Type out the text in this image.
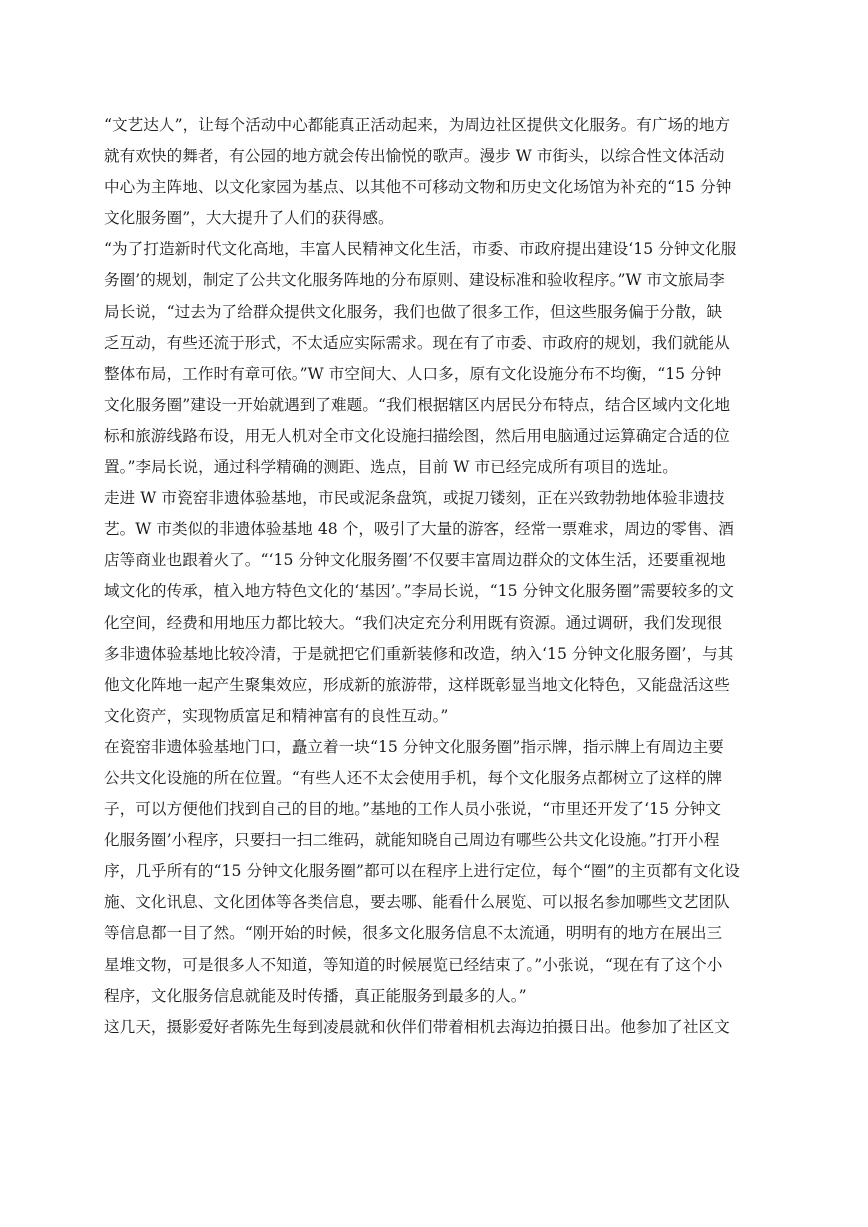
“文艺达人”，让每个活动中心都能真正活动起来，为周边社区提供文化服务。有广场的地方
就有欢快的舞者，有公园的地方就会传出愉悦的歌声。漫步 W 市街头，以综合性文体活动
中心为主阵地、以文化家园为基点、以其他不可移动文物和历史文化场馆为补充的“15 分钟
文化服务圈”，大大提升了人们的获得感。
“为了打造新时代文化高地，丰富人民精神文化生活，市委、市政府提出建设‘15 分钟文化服
务圈’的规划，制定了公共文化服务阵地的分布原则、建设标准和验收程序。”W 市文旅局李
局长说，“过去为了给群众提供文化服务，我们也做了很多工作，但这些服务偏于分散，缺
乏互动，有些还流于形式，不太适应实际需求。现在有了市委、市政府的规划，我们就能从
整体布局，工作时有章可依。”W 市空间大、人口多，原有文化设施分布不均衡，“15 分钟
文化服务圈”建设一开始就遇到了难题。“我们根据辖区内居民分布特点，结合区域内文化地
标和旅游线路布设，用无人机对全市文化设施扫描绘图，然后用电脑通过运算确定合适的位
置。”李局长说，通过科学精确的测距、选点，目前 W 市已经完成所有项目的选址。
走进 W 市瓷窑非遗体验基地，市民或泥条盘筑，或捉刀镂刻，正在兴致勃勃地体验非遗技
艺。W 市类似的非遗体验基地 48 个，吸引了大量的游客，经常一票难求，周边的零售、酒
店等商业也跟着火了。“‘15 分钟文化服务圈’不仅要丰富周边群众的文体生活，还要重视地
域文化的传承，植入地方特色文化的‘基因’。”李局长说，“15 分钟文化服务圈”需要较多的文
化空间，经费和用地压力都比较大。“我们决定充分利用既有资源。通过调研，我们发现很
多非遗体验基地比较冷清，于是就把它们重新装修和改造，纳入‘15 分钟文化服务圈’，与其
他文化阵地一起产生聚集效应，形成新的旅游带，这样既彰显当地文化特色，又能盘活这些
文化资产，实现物质富足和精神富有的良性互动。”
在瓷窑非遗体验基地门口，矗立着一块“15 分钟文化服务圈”指示牌，指示牌上有周边主要
公共文化设施的所在位置。“有些人还不太会使用手机，每个文化服务点都树立了这样的牌
子，可以方便他们找到自己的目的地。”基地的工作人员小张说，“市里还开发了‘15 分钟文
化服务圈’小程序，只要扫一扫二维码，就能知晓自己周边有哪些公共文化设施。”打开小程
序，几乎所有的“15 分钟文化服务圈”都可以在程序上进行定位，每个“圈”的主页都有文化设
施、文化讯息、文化团体等各类信息，要去哪、能看什么展览、可以报名参加哪些文艺团队
等信息都一目了然。“刚开始的时候，很多文化服务信息不太流通，明明有的地方在展出三
星堆文物，可是很多人不知道，等知道的时候展览已经结束了。”小张说，“现在有了这个小
程序，文化服务信息就能及时传播，真正能服务到最多的人。”
这几天，摄影爱好者陈先生每到凌晨就和伙伴们带着相机去海边拍摄日出。他参加了社区文
